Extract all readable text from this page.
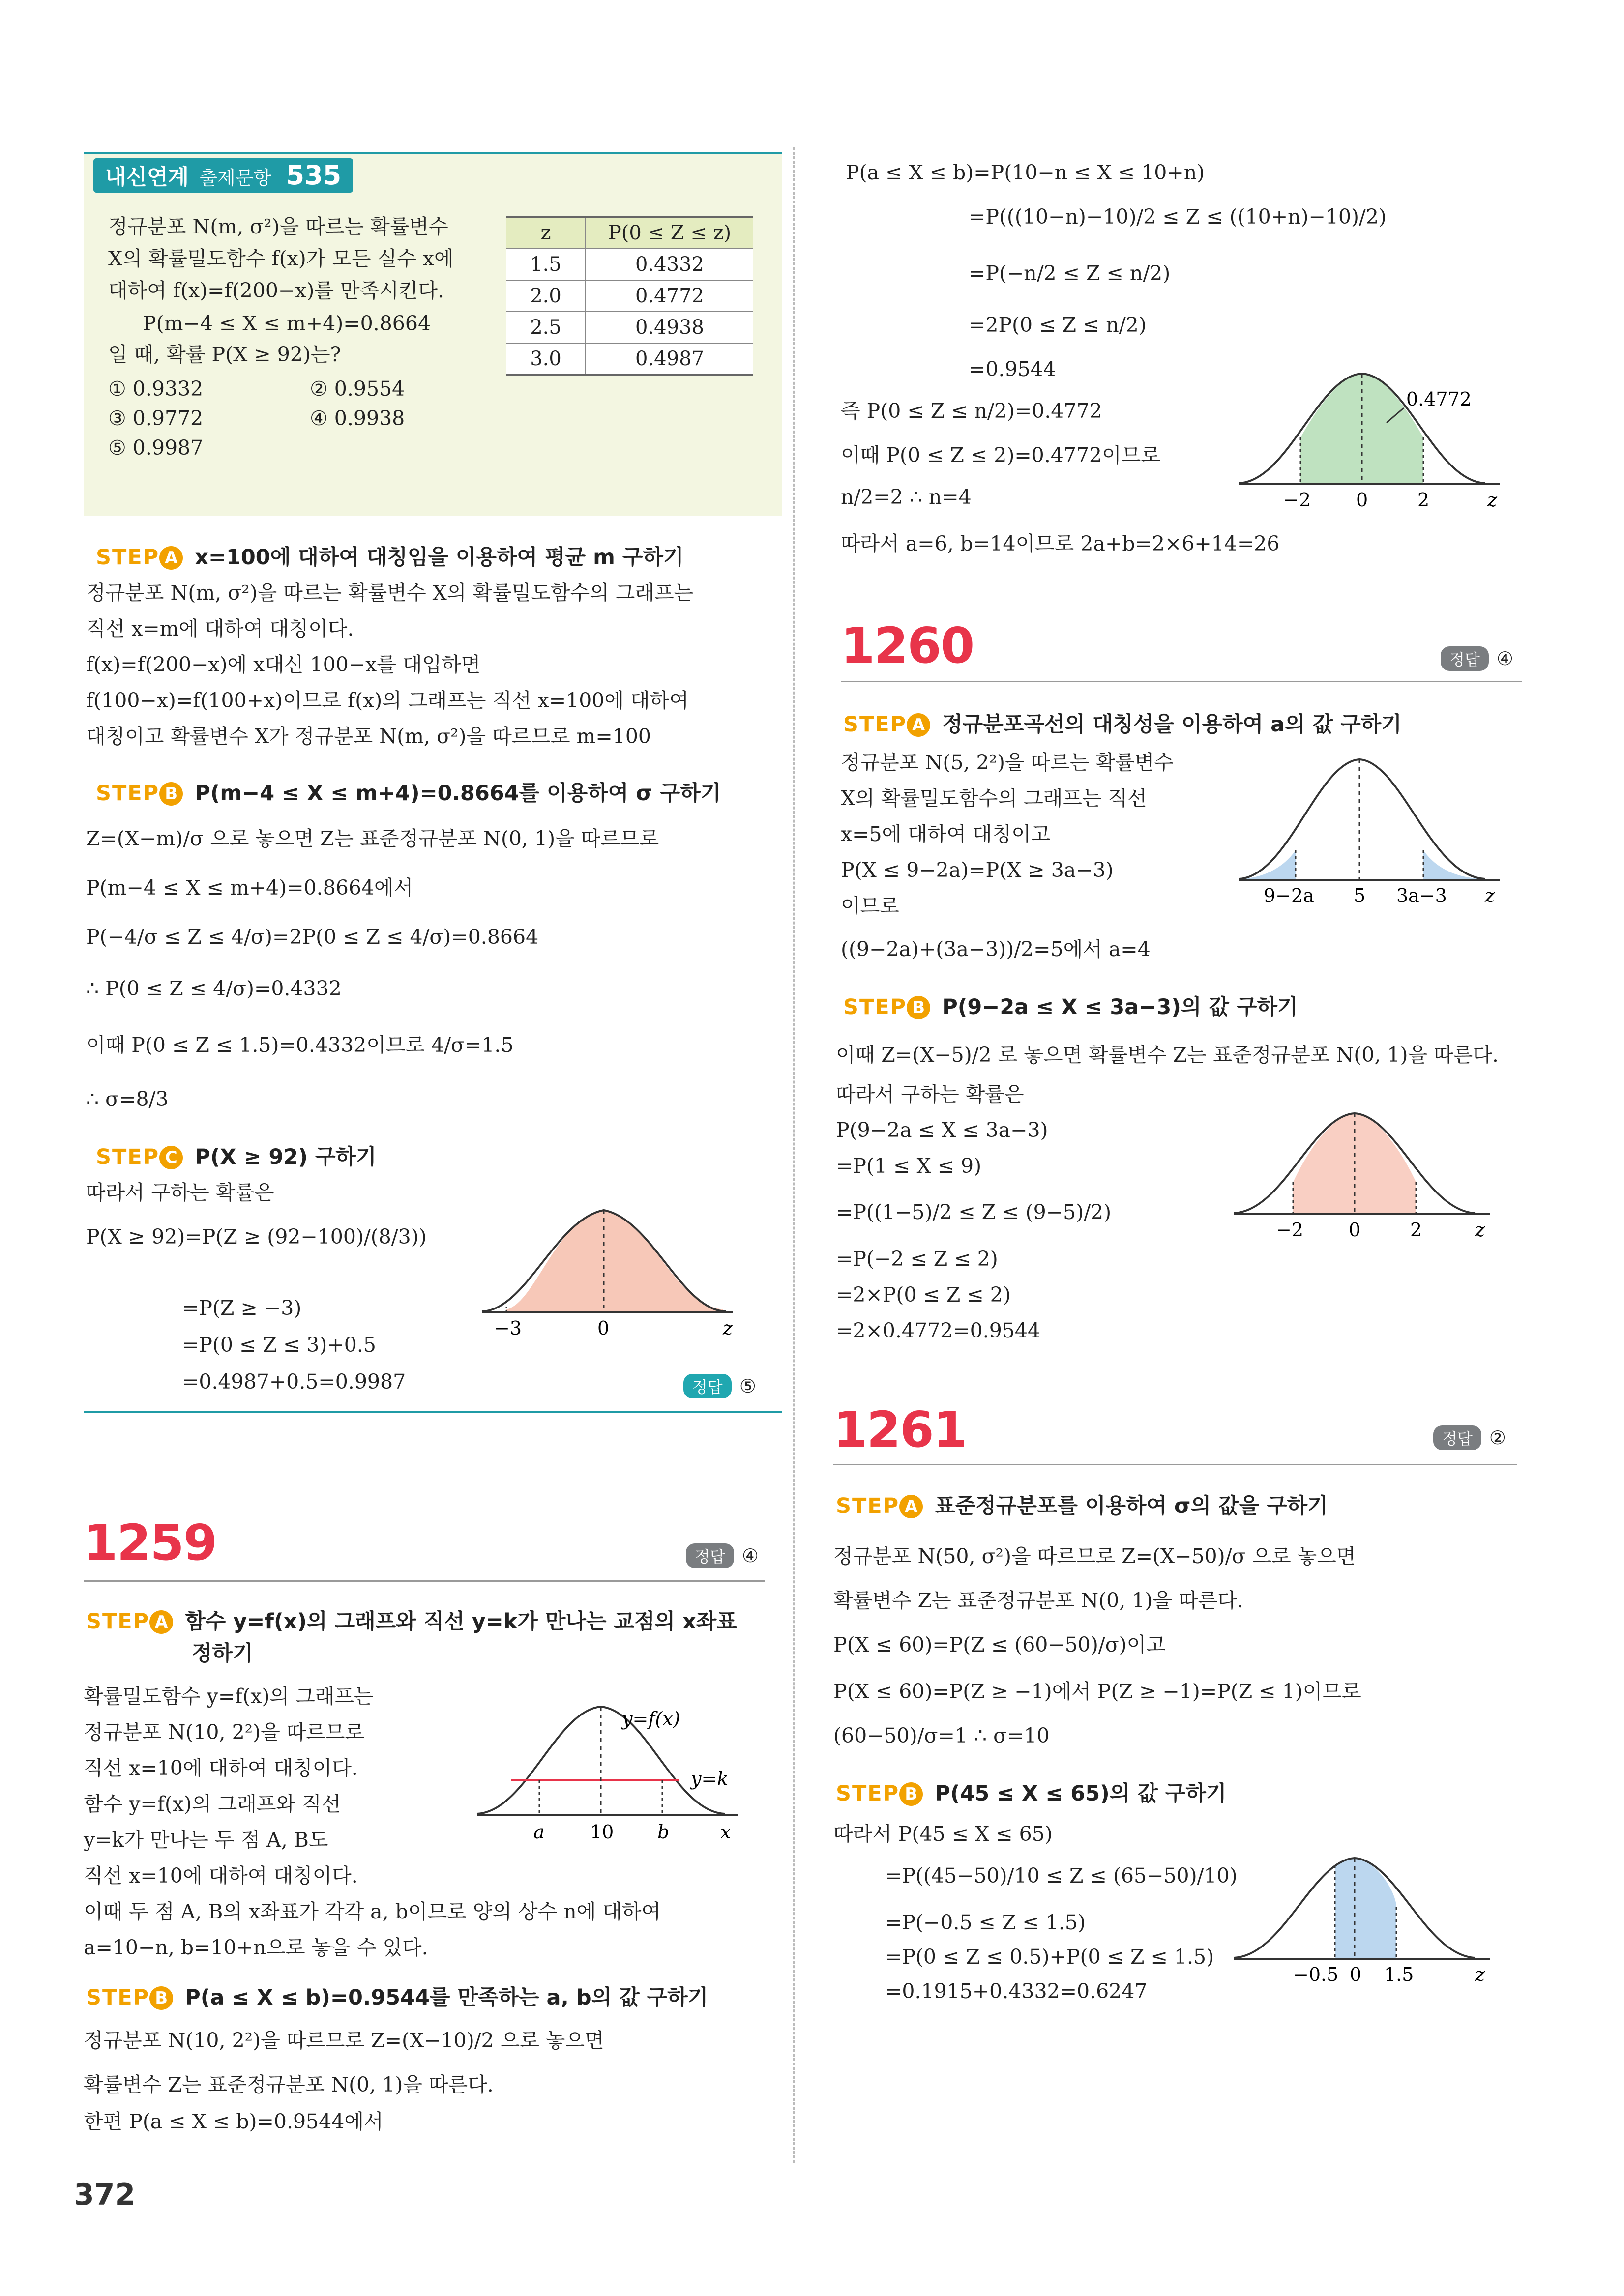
내신연계 출제문항 535
정규분포 N(m, σ²)을 따르는 확률변수
X의 확률밀도함수 f(x)가 모든 실수 x에
대하여 f(x)=f(200−x)를 만족시킨다.
P(m−4 ≤ X ≤ m+4)=0.8664
일 때, 확률 P(X ≥ 92)는?
① 0.9332	② 0.9554
③ 0.9772	④ 0.9938
⑤ 0.9987
z	P(0 ≤ Z ≤ z)
1.5	0.4332
2.0	0.4772
2.5	0.4938
3.0	0.4987
STEP A x=100에 대하여 대칭임을 이용하여 평균 m 구하기
정규분포 N(m, σ²)을 따르는 확률변수 X의 확률밀도함수의 그래프는
직선 x=m에 대하여 대칭이다.
f(x)=f(200−x)에 x대신 100−x를 대입하면
f(100−x)=f(100+x)이므로 f(x)의 그래프는 직선 x=100에 대하여
대칭이고 확률변수 X가 정규분포 N(m, σ²)을 따르므로 m=100
STEP B P(m−4 ≤ X ≤ m+4)=0.8664를 이용하여 σ 구하기
Z=(X−m)/σ 으로 놓으면 Z는 표준정규분포 N(0, 1)을 따르므로
P(m−4 ≤ X ≤ m+4)=0.8664에서
P(−4/σ ≤ Z ≤ 4/σ)=2P(0 ≤ Z ≤ 4/σ)=0.8664
∴ P(0 ≤ Z ≤ 4/σ)=0.4332
이때 P(0 ≤ Z ≤ 1.5)=0.4332이므로 4/σ=1.5
∴ σ=8/3
STEP C P(X ≥ 92) 구하기
따라서 구하는 확률은
P(X ≥ 92)=P(Z ≥ (92−100)/(8/3))
=P(Z ≥ −3)
=P(0 ≤ Z ≤ 3)+0.5
=0.4987+0.5=0.9987
−3	0	z
정답 ⑤
1259	정답 ④
STEP A 함수 y=f(x)의 그래프와 직선 y=k가 만나는 교점의 x좌표
정하기
확률밀도함수 y=f(x)의 그래프는
정규분포 N(10, 2²)을 따르므로
직선 x=10에 대하여 대칭이다.
함수 y=f(x)의 그래프와 직선
y=k가 만나는 두 점 A, B도
직선 x=10에 대하여 대칭이다.
이때 두 점 A, B의 x좌표가 각각 a, b이므로 양의 상수 n에 대하여
a=10−n, b=10+n으로 놓을 수 있다.
y=f(x)
y=k
a 10 b	x
STEP B P(a ≤ X ≤ b)=0.9544를 만족하는 a, b의 값 구하기
정규분포 N(10, 2²)을 따르므로 Z=(X−10)/2 으로 놓으면
확률변수 Z는 표준정규분포 N(0, 1)을 따른다.
한편 P(a ≤ X ≤ b)=0.9544에서
372
P(a ≤ X ≤ b)=P(10−n ≤ X ≤ 10+n)
=P(((10−n)−10)/2 ≤ Z ≤ ((10+n)−10)/2)
=P(−n/2 ≤ Z ≤ n/2)
=2P(0 ≤ Z ≤ n/2)
=0.9544
즉 P(0 ≤ Z ≤ n/2)=0.4772
이때 P(0 ≤ Z ≤ 2)=0.4772이므로
n/2=2 ∴ n=4
따라서 a=6, b=14이므로 2a+b=2×6+14=26
0.4772
−2 0	2	z
1260	정답 ④
STEP A 정규분포곡선의 대칭성을 이용하여 a의 값 구하기
정규분포 N(5, 2²)을 따르는 확률변수
X의 확률밀도함수의 그래프는 직선
x=5에 대하여 대칭이고
P(X ≤ 9−2a)=P(X ≥ 3a−3)
이므로
((9−2a)+(3a−3))/2=5에서 a=4
9−2a 5 3a−3 z
STEP B P(9−2a ≤ X ≤ 3a−3)의 값 구하기
이때 Z=(X−5)/2 로 놓으면 확률변수 Z는 표준정규분포 N(0, 1)을 따른다.
따라서 구하는 확률은
P(9−2a ≤ X ≤ 3a−3)
=P(1 ≤ X ≤ 9)
=P((1−5)/2 ≤ Z ≤ (9−5)/2)
=P(−2 ≤ Z ≤ 2)
=2×P(0 ≤ Z ≤ 2)
=2×0.4772=0.9544
−2 0	2	z
1261	정답 ②
STEP A 표준정규분포를 이용하여 σ의 값을 구하기
정규분포 N(50, σ²)을 따르므로 Z=(X−50)/σ 으로 놓으면
확률변수 Z는 표준정규분포 N(0, 1)을 따른다.
P(X ≤ 60)=P(Z ≤ (60−50)/σ)이고
P(X ≤ 60)=P(Z ≥ −1)에서 P(Z ≥ −1)=P(Z ≤ 1)이므로
(60−50)/σ=1 ∴ σ=10
STEP B P(45 ≤ X ≤ 65)의 값 구하기
따라서 P(45 ≤ X ≤ 65)
=P((45−50)/10 ≤ Z ≤ (65−50)/10)
=P(−0.5 ≤ Z ≤ 1.5)
=P(0 ≤ Z ≤ 0.5)+P(0 ≤ Z ≤ 1.5)
=0.1915+0.4332=0.6247
−0.5 0 1.5	z
